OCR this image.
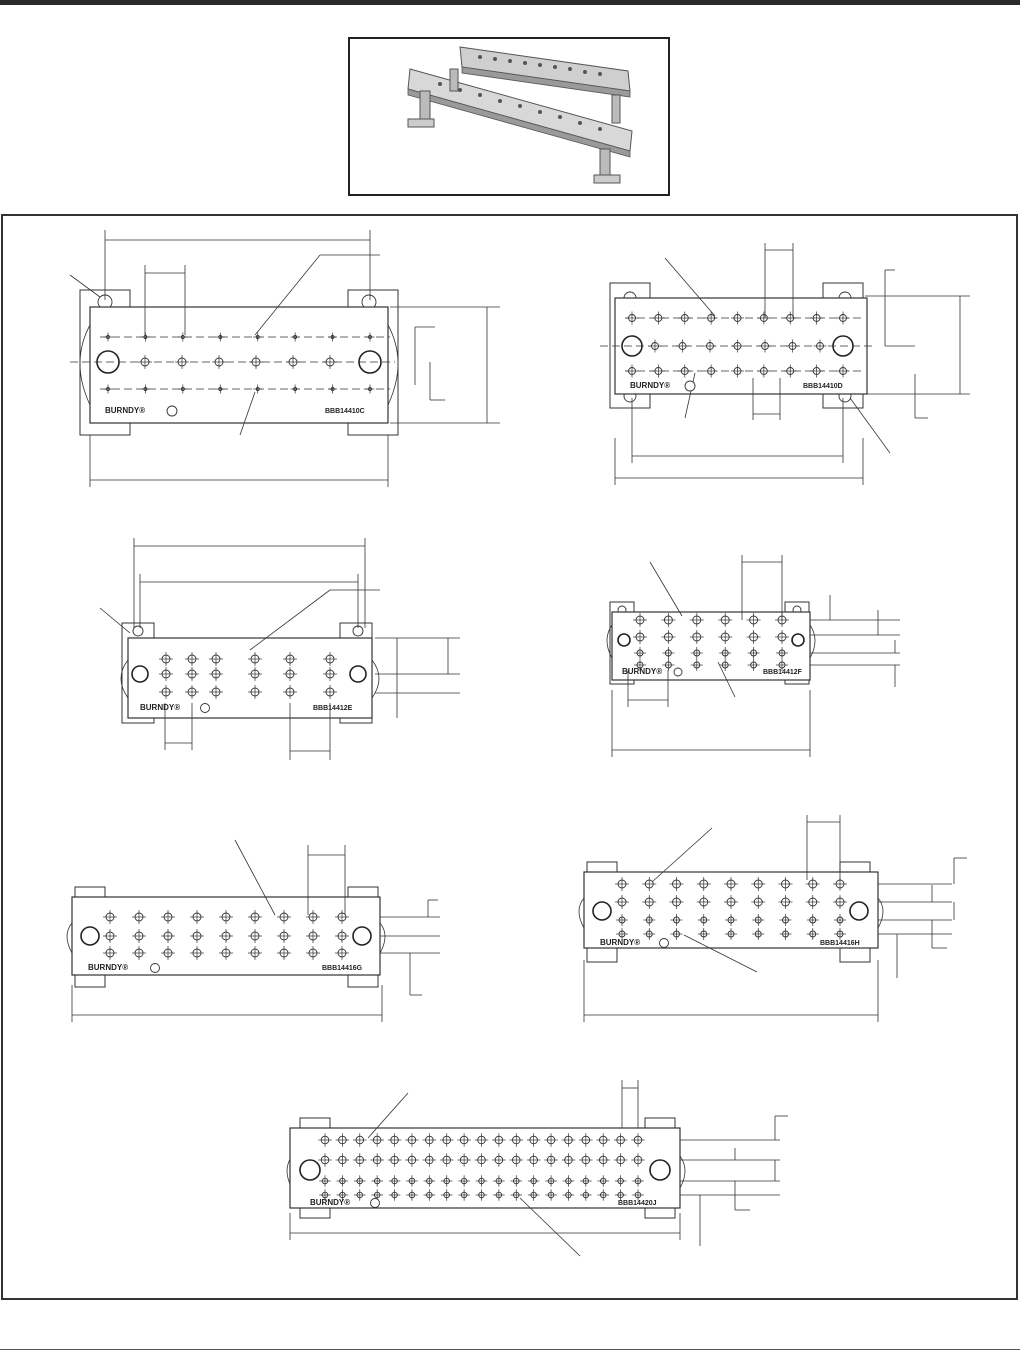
BURNDY®	BBB14410C
BURNDY®	BBB14410D
BURNDY®	BBB14412E
BURNDY®	BBB14412F
BURNDY®	BBB14416G
BURNDY®	BBB14416H
BURNDY®	BBB14420J
